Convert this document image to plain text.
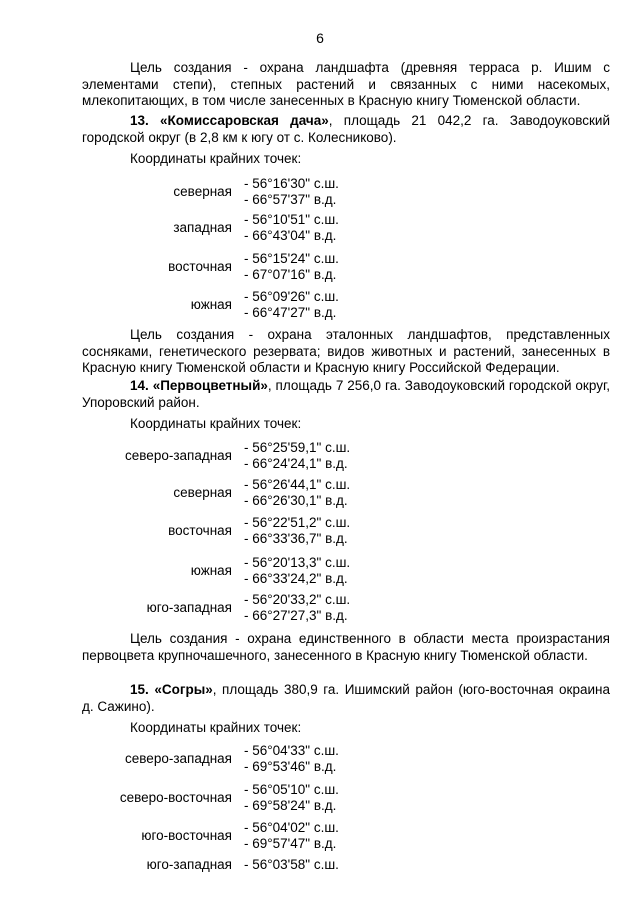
6

Цель создания - охрана ландшафта (древняя терраса р. Ишим с элементами степи), степных растений и связанных с ними насекомых, млекопитающих, в том числе занесенных в Красную книгу Тюменской области.

13. «Комиссаровская дача», площадь 21 042,2 га. Заводоуковский городской округ (в 2,8 км к югу от с. Колесниково).

Координаты крайних точек:
северная
- 56°16'30" с.ш.
- 66°57'37" в.д.
западная
- 56°10'51" с.ш.
- 66°43'04" в.д.
восточная
- 56°15'24" с.ш.
- 67°07'16" в.д.
южная
- 56°09'26" с.ш.
- 66°47'27" в.д.

Цель создания - охрана эталонных ландшафтов, представленных сосняками, генетического резервата; видов животных и растений, занесенных в Красную книгу Тюменской области и Красную книгу Российской Федерации.

14. «Первоцветный», площадь 7 256,0 га. Заводоуковский городской округ, Упоровский район.

Координаты крайних точек:
северо-западная
- 56°25'59,1" с.ш.
- 66°24'24,1" в.д.
северная
- 56°26'44,1" с.ш.
- 66°26'30,1" в.д.
восточная
- 56°22'51,2" с.ш.
- 66°33'36,7" в.д.
южная
- 56°20'13,3" с.ш.
- 66°33'24,2" в.д.
юго-западная
- 56°20'33,2" с.ш.
- 66°27'27,3" в.д.

Цель создания - охрана единственного в области места произрастания первоцвета крупночашечного, занесенного в Красную книгу Тюменской области.

15. «Согры», площадь 380,9 га. Ишимский район (юго-восточная окраина д. Сажино).

Координаты крайних точек:
северо-западная
- 56°04'33" с.ш.
- 69°53'46" в.д.
северо-восточная
- 56°05'10" с.ш.
- 69°58'24" в.д.
юго-восточная
- 56°04'02" с.ш.
- 69°57'47" в.д.
юго-западная - 56°03'58" с.ш.
